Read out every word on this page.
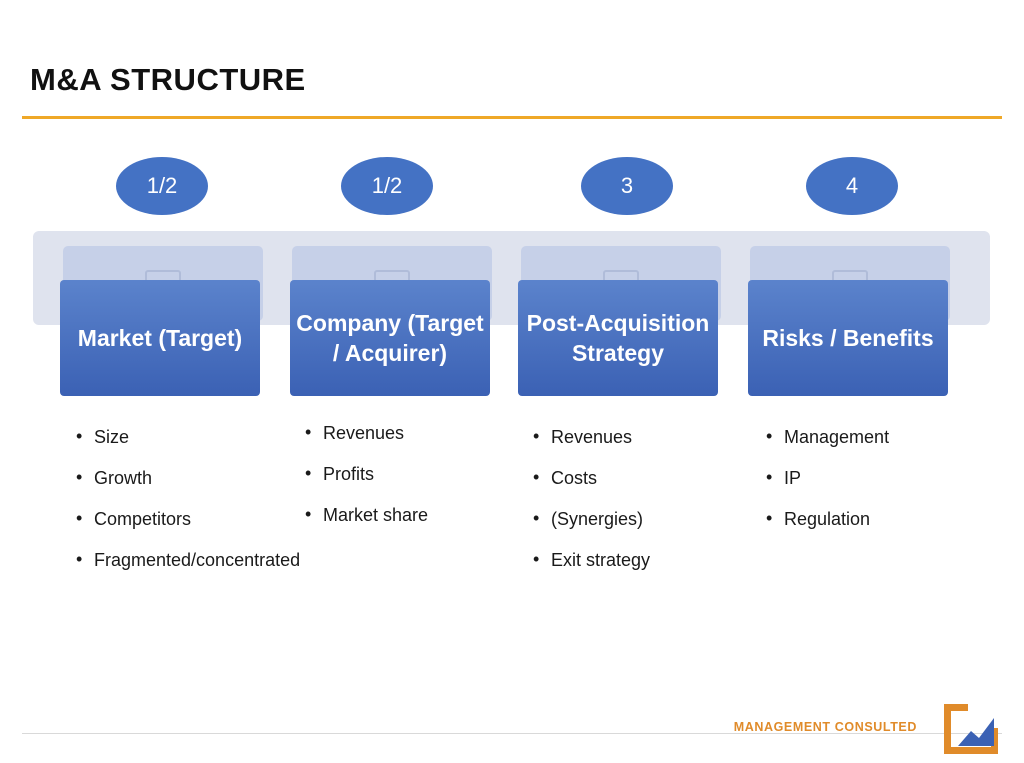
M&A STRUCTURE
1/2	1/2	3	4
Market (Target)
Company (Target / Acquirer)
Post-Acquisition Strategy
Risks / Benefits
• Size
• Growth
• Competitors
• Fragmented/concentrated
• Revenues
• Profits
• Market share
• Revenues
• Costs
• (Synergies)
• Exit strategy
• Management
• IP
• Regulation
MANAGEMENT CONSULTED
